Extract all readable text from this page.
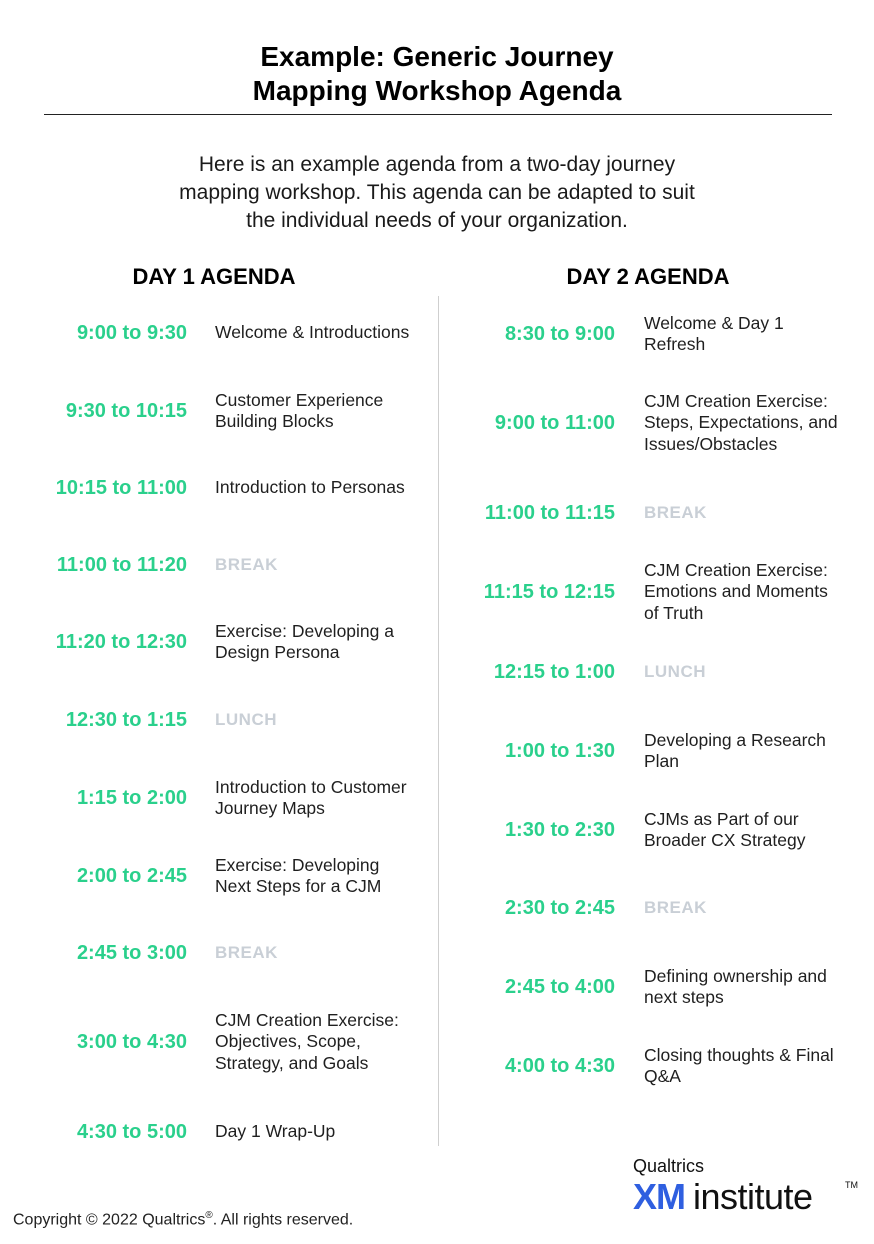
Example: Generic Journey
Mapping Workshop Agenda
Here is an example agenda from a two-day journey
mapping workshop. This agenda can be adapted to suit
the individual needs of your organization.
DAY 1 AGENDA	DAY 2 AGENDA
9:00 to 9:30 Welcome & Introductions
9:30 to 10:15 Customer Experience Building Blocks
10:15 to 11:00 Introduction to Personas
11:00 to 11:20 BREAK
11:20 to 12:30 Exercise: Developing a Design Persona
12:30 to 1:15 LUNCH
1:15 to 2:00 Introduction to Customer Journey Maps
2:00 to 2:45 Exercise: Developing Next Steps for a CJM
2:45 to 3:00 BREAK
3:00 to 4:30
CJM Creation Exercise: Objectives, Scope, Strategy, and Goals
4:30 to 5:00 Day 1 Wrap-Up
8:30 to 9:00 Welcome & Day 1 Refresh
9:00 to 11:00
CJM Creation Exercise: Steps, Expectations, and Issues/Obstacles
11:00 to 11:15 BREAK
11:15 to 12:15
CJM Creation Exercise: Emotions and Moments of Truth
12:15 to 1:00 LUNCH
1:00 to 1:30 Developing a Research Plan
1:30 to 2:30 CJMs as Part of our Broader CX Strategy
2:30 to 2:45 BREAK
2:45 to 4:00 Defining ownership and next steps
4:00 to 4:30 Closing thoughts & Final Q&A
Copyright © 2022 Qualtrics®. All rights reserved.
Qualtrics
XM institute	TM
